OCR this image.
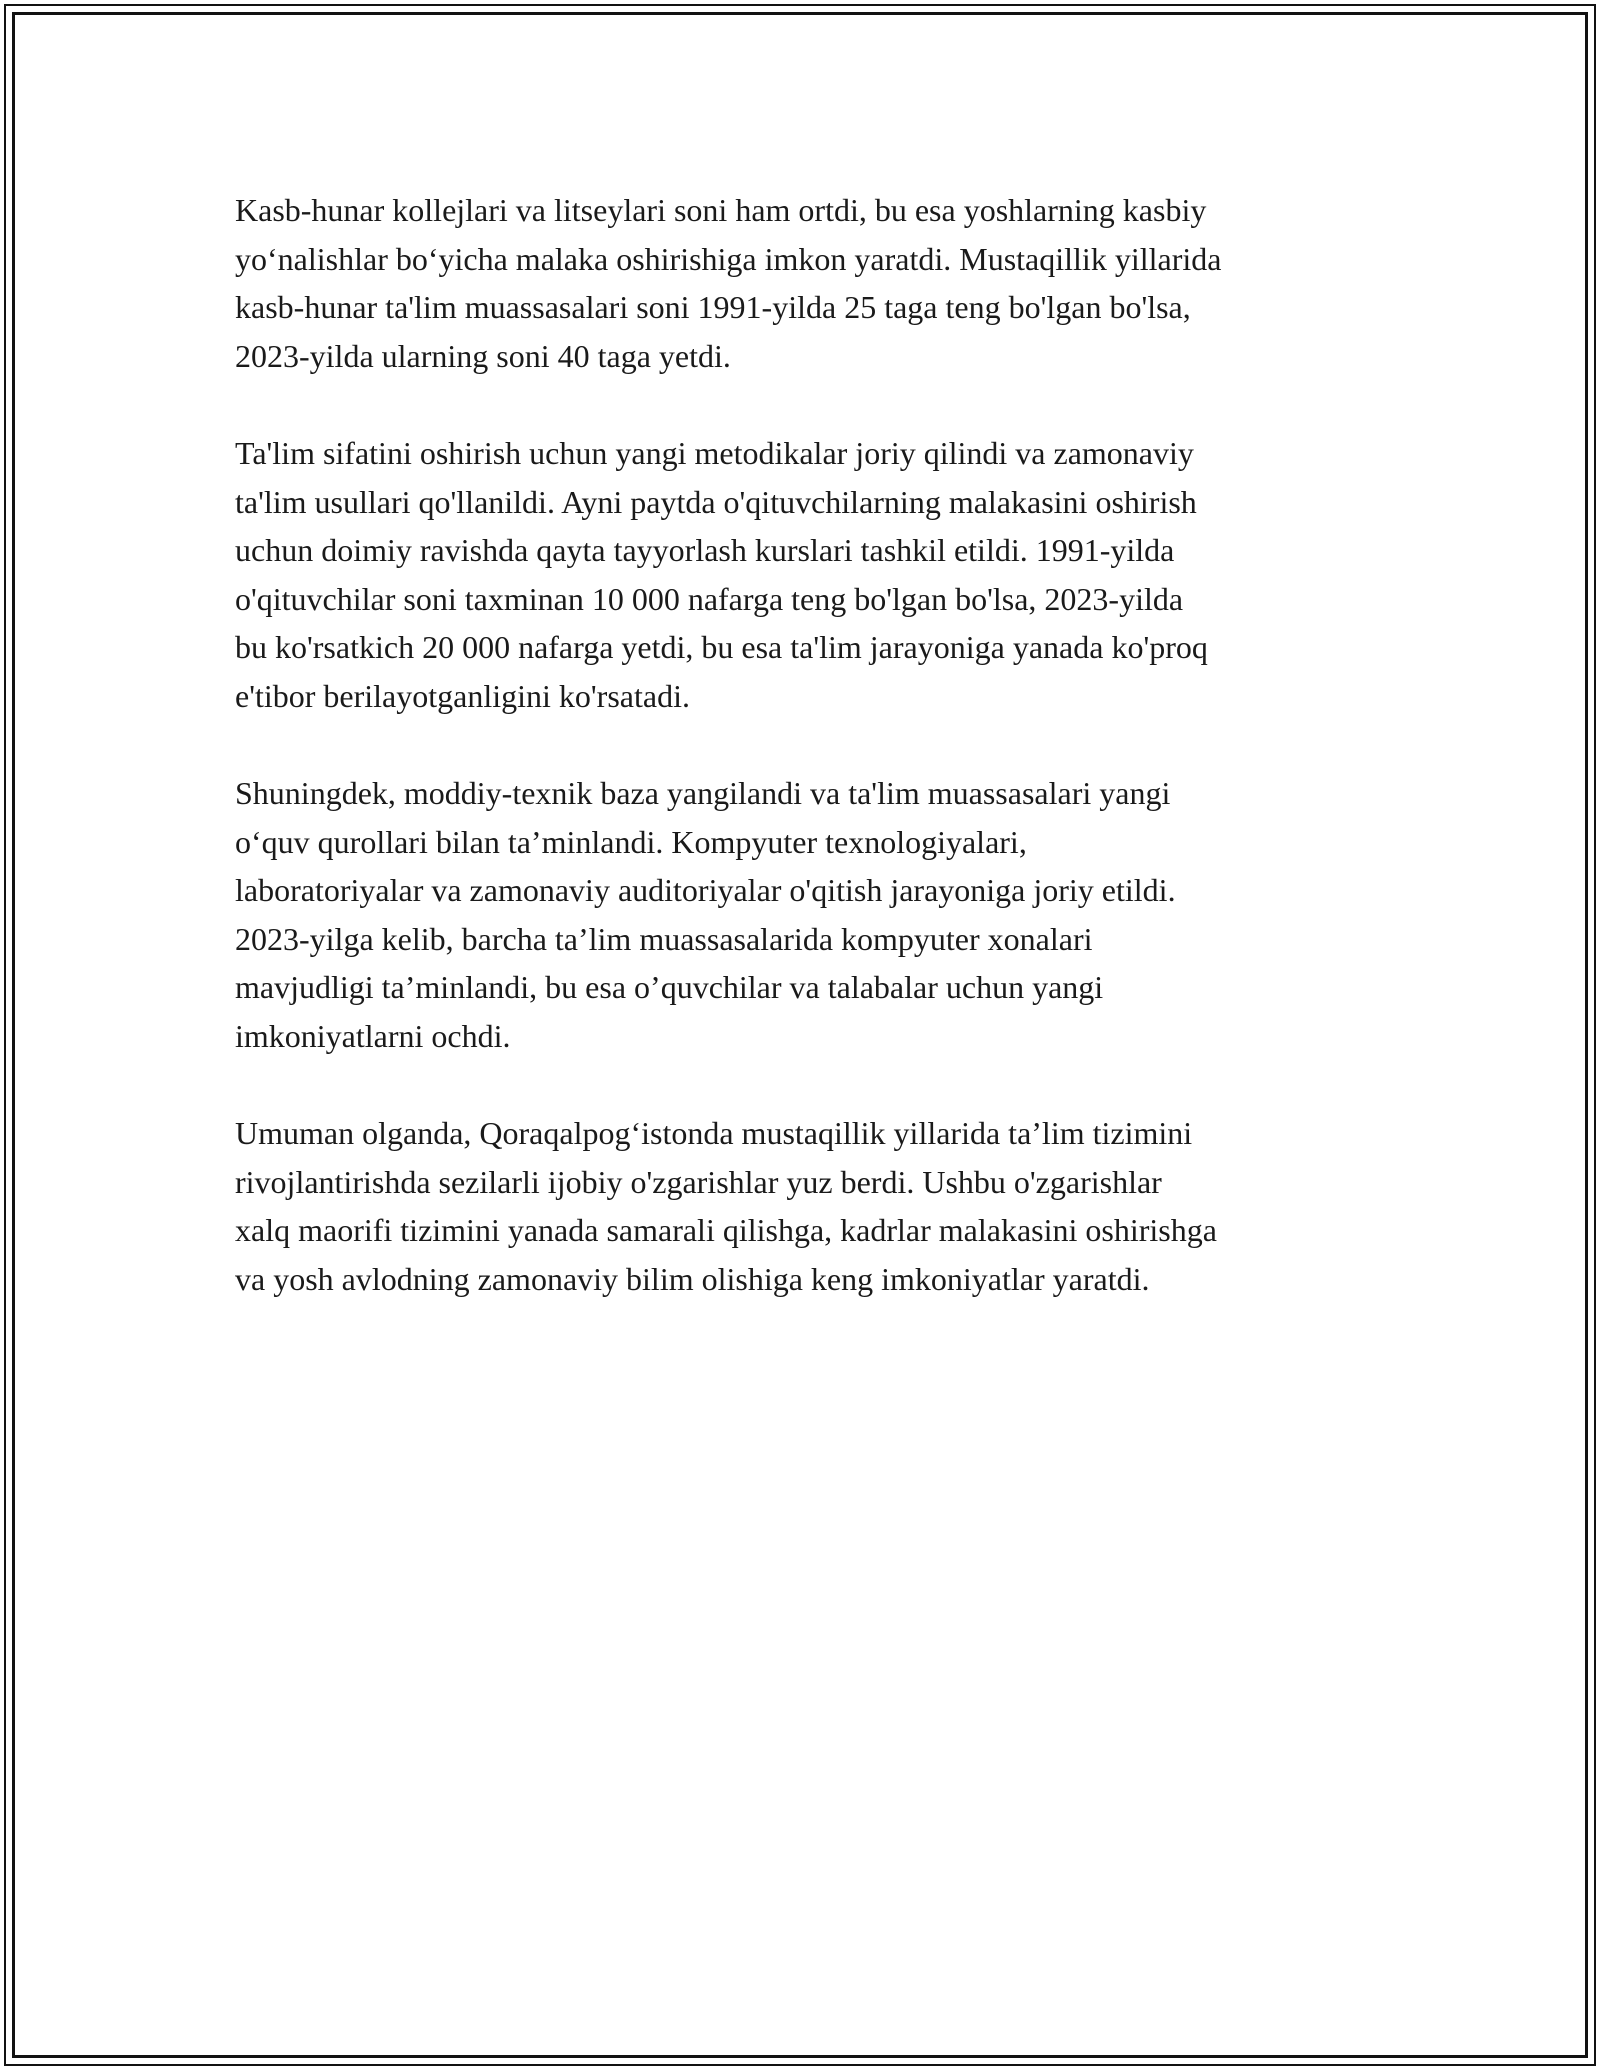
Kasb-hunar kollejlari va litseylari soni ham ortdi, bu esa yoshlarning kasbiy
yo‘nalishlar bo‘yicha malaka oshirishiga imkon yaratdi. Mustaqillik yillarida
kasb-hunar ta'lim muassasalari soni 1991-yilda 25 taga teng bo'lgan bo'lsa,
2023-yilda ularning soni 40 taga yetdi.

Ta'lim sifatini oshirish uchun yangi metodikalar joriy qilindi va zamonaviy
ta'lim usullari qo'llanildi. Ayni paytda o'qituvchilarning malakasini oshirish
uchun doimiy ravishda qayta tayyorlash kurslari tashkil etildi. 1991-yilda
o'qituvchilar soni taxminan 10 000 nafarga teng bo'lgan bo'lsa, 2023-yilda
bu ko'rsatkich 20 000 nafarga yetdi, bu esa ta'lim jarayoniga yanada ko'proq
e'tibor berilayotganligini ko'rsatadi.

Shuningdek, moddiy-texnik baza yangilandi va ta'lim muassasalari yangi
o‘quv qurollari bilan ta’minlandi. Kompyuter texnologiyalari,
laboratoriyalar va zamonaviy auditoriyalar o'qitish jarayoniga joriy etildi.
2023-yilga kelib, barcha ta’lim muassasalarida kompyuter xonalari
mavjudligi ta’minlandi, bu esa o’quvchilar va talabalar uchun yangi
imkoniyatlarni ochdi.

Umuman olganda, Qoraqalpog‘istonda mustaqillik yillarida ta’lim tizimini
rivojlantirishda sezilarli ijobiy o'zgarishlar yuz berdi. Ushbu o'zgarishlar
xalq maorifi tizimini yanada samarali qilishga, kadrlar malakasini oshirishga
va yosh avlodning zamonaviy bilim olishiga keng imkoniyatlar yaratdi.
